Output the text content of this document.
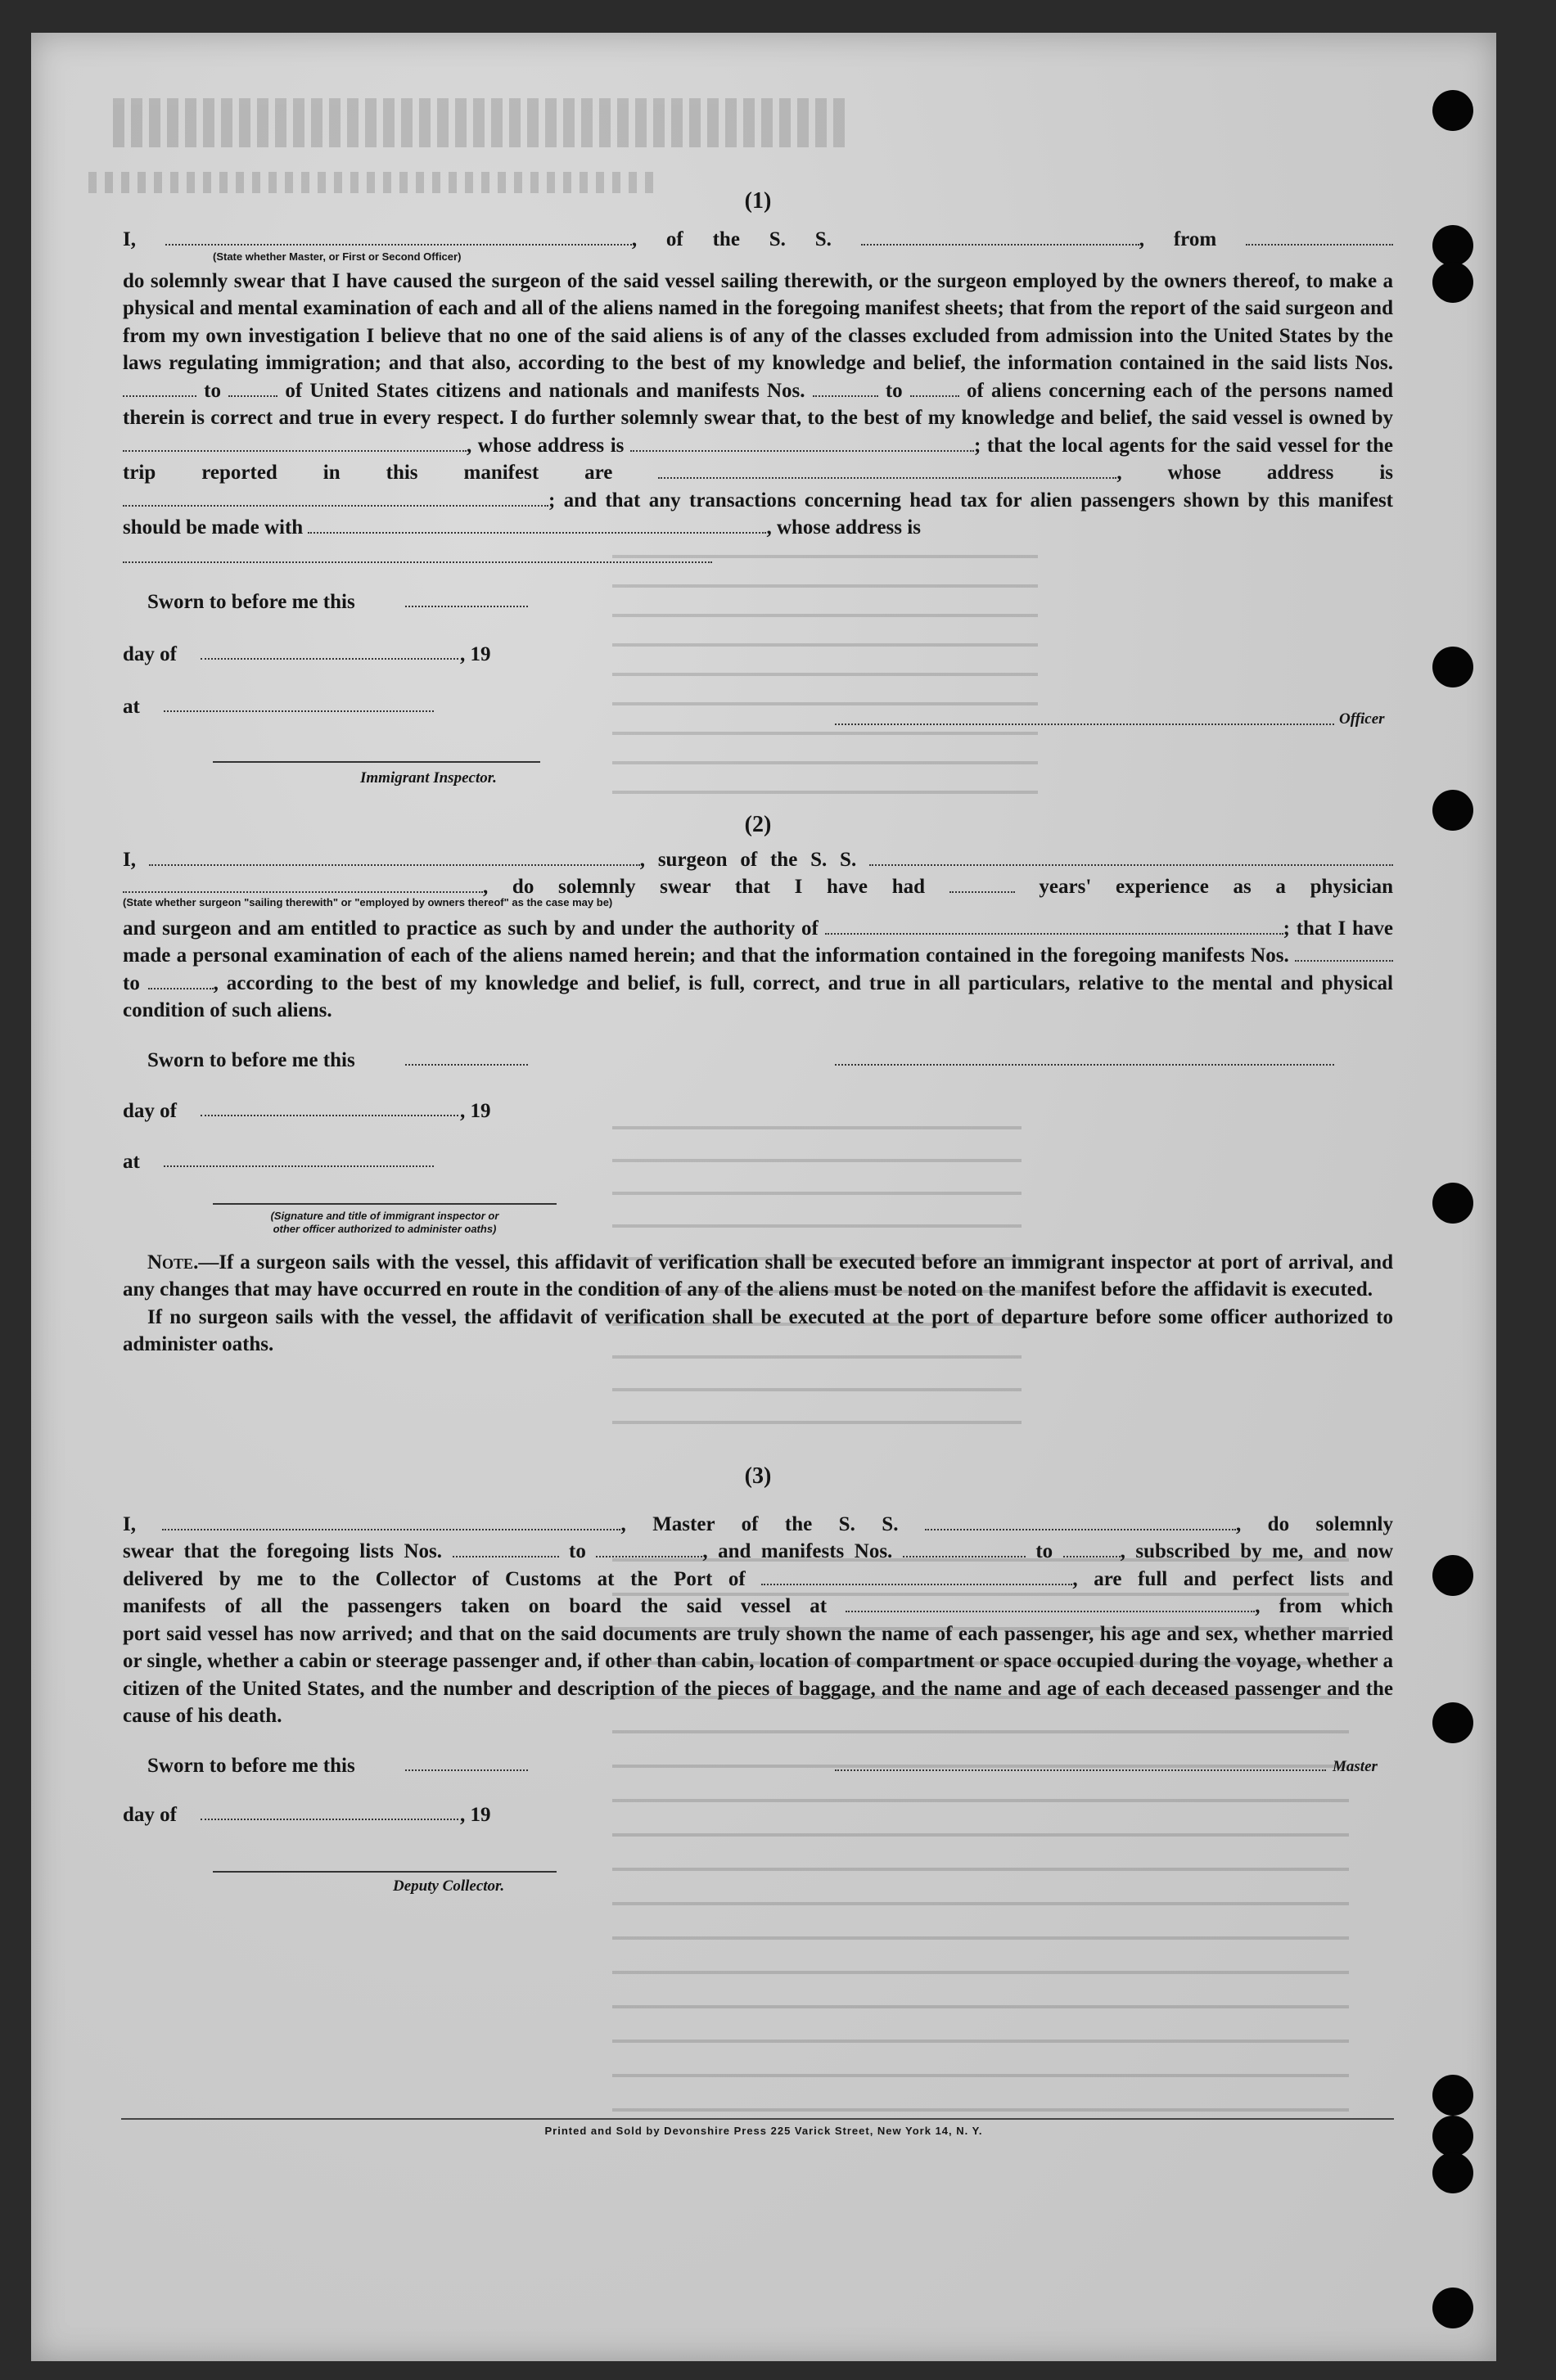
(1)

I,	, of the S. S.	, from
(State whether Master, or First or Second Officer)

do solemnly swear that I have caused the surgeon of the said vessel sailing therewith, or the surgeon employed by the owners thereof, to make a physical and mental examination of each and all of the aliens named in the foregoing manifest sheets; that from the report of the said surgeon and from my own investigation I believe that no one of the said aliens is of any of the classes excluded from admission into the United States by the laws regulating immigration; and that also, according to the best of my knowledge and belief, the information contained in the said lists Nos.  to	of United States citizens and nationals and manifests Nos.	to	of aliens concerning each of the persons named therein is correct and true in every respect. I do further solemnly swear that, to the best of my knowledge and belief, the said vessel is owned by , whose address is	; that the local agents for the said vessel for the trip reported in this manifest are	, whose address is ; and that any transactions concerning head tax for alien passengers shown by this manifest should be made with	, whose address is

Sworn to before me this
day of	, 19
at
Officer
Immigrant Inspector.

(2)

I,	, surgeon of the S. S.
, do solemnly swear that I have had	years' experience as a physician
(State whether surgeon "sailing therewith" or "employed by owners thereof" as the case may be)

and surgeon and am entitled to practice as such by and under the authority of	; that I have made a personal examination of each of the aliens named herein; and that the information contained in the foregoing manifests Nos.  to	, according to the best of my knowledge and belief, is full, correct, and true in all particulars, relative to the mental and physical condition of such aliens.

Sworn to before me this
day of	, 19
at
(Signature and title of immigrant inspector or
other officer authorized to administer oaths)

Note.—If a surgeon sails with the vessel, this affidavit of verification shall be executed before an immigrant inspector at port of arrival, and any changes that may have occurred en route in the condition of any of the aliens must be noted on the manifest before the affidavit is executed.

If no surgeon sails with the vessel, the affidavit of verification shall be executed at the port of departure before some officer authorized to administer oaths.

(3)

I,	, Master of the S. S.	, do solemnly
swear that the foregoing lists Nos.	to	, and manifests Nos.	to	, subscribed by me, and now
delivered by me to the Collector of Customs at the Port of	, are full and perfect lists and
manifests of all the passengers taken on board the said vessel at	, from which

port said vessel has now arrived; and that on the said documents are truly shown the name of each passenger, his age and sex, whether married or single, whether a cabin or steerage passenger and, if other than cabin, location of compartment or space occupied during the voyage, whether a citizen of the United States, and the number and description of the pieces of baggage, and the name and age of each deceased passenger and the cause of his death.

Sworn to before me this	Master
day of	, 19
Deputy Collector.
Printed and Sold by Devonshire Press 225 Varick Street, New York 14, N. Y.
